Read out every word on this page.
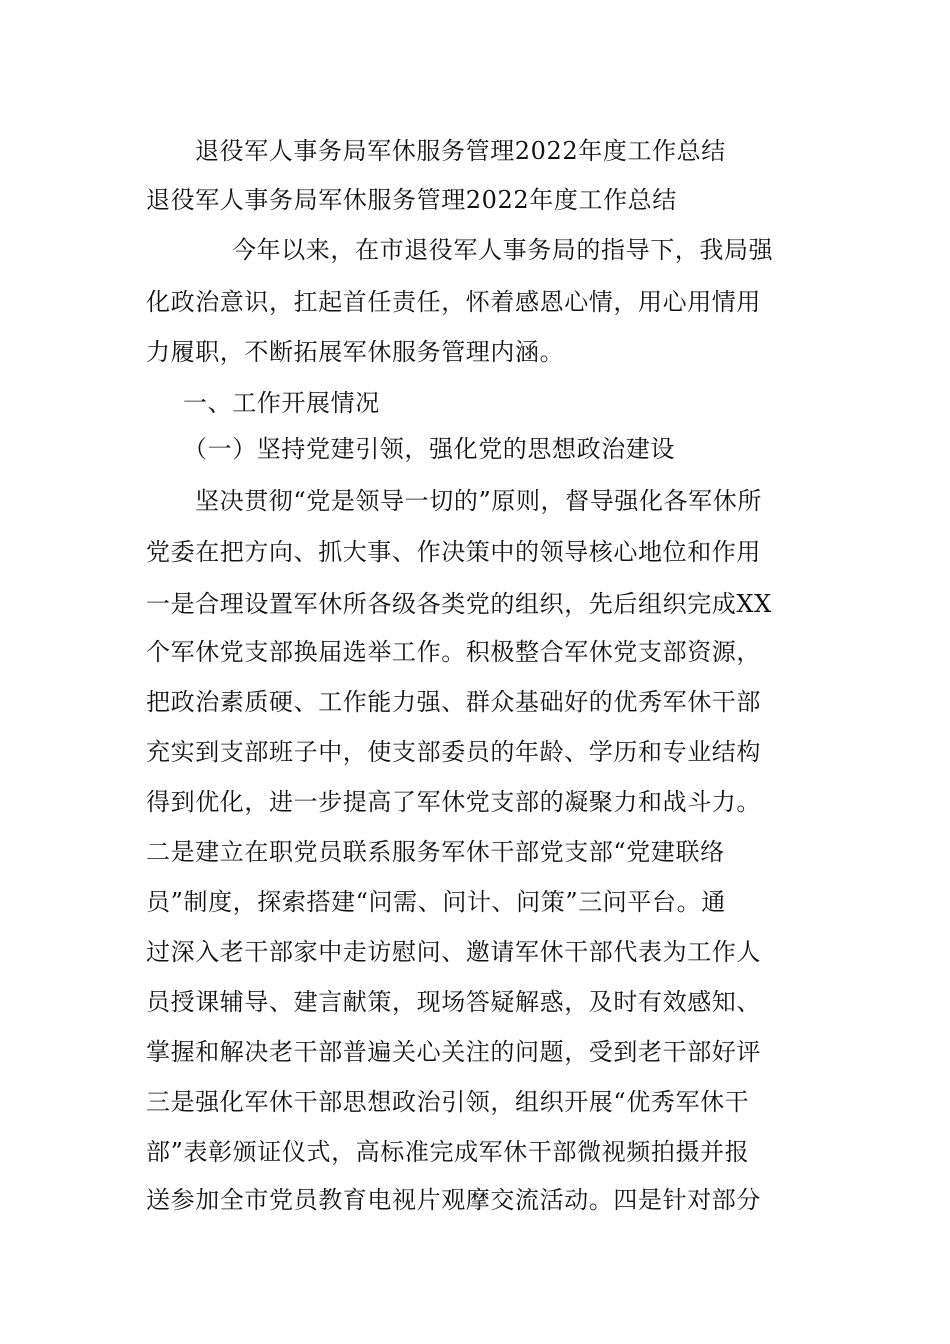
退役军人事务局军休服务管理2022年度工作总结
退役军人事务局军休服务管理2022年度工作总结
今年以来，在市退役军人事务局的指导下，我局强
化政治意识，扛起首任责任，怀着感恩心情，用心用情用
力履职，不断拓展军休服务管理内涵。
一、工作开展情况
（一）坚持党建引领，强化党的思想政治建设
坚决贯彻“党是领导一切的”原则，督导强化各军休所
党委在把方向、抓大事、作决策中的领导核心地位和作用
一是合理设置军休所各级各类党的组织，先后组织完成XX
个军休党支部换届选举工作。积极整合军休党支部资源，
把政治素质硬、工作能力强、群众基础好的优秀军休干部
充实到支部班子中，使支部委员的年龄、学历和专业结构
得到优化，进一步提高了军休党支部的凝聚力和战斗力。
二是建立在职党员联系服务军休干部党支部“党建联络
员”制度，探索搭建“问需、问计、问策”三问平台。通
过深入老干部家中走访慰问、邀请军休干部代表为工作人
员授课辅导、建言献策，现场答疑解惑，及时有效感知、
掌握和解决老干部普遍关心关注的问题，受到老干部好评
三是强化军休干部思想政治引领，组织开展“优秀军休干
部”表彰颁证仪式，高标准完成军休干部微视频拍摄并报
送参加全市党员教育电视片观摩交流活动。四是针对部分
